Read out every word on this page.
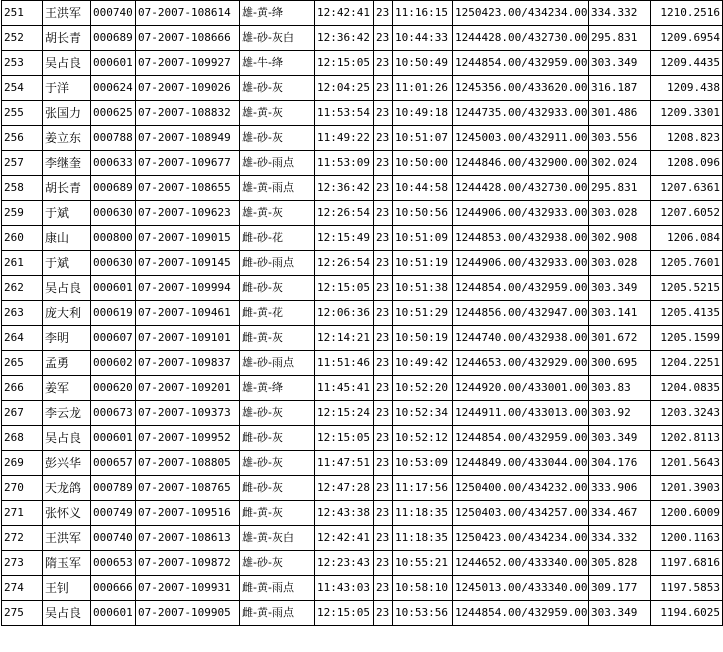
251	王洪军	000740	07-2007-108614	雄-黄-绛	12:42:41	23	11:16:15	1250423.00/434234.00	334.332	1210.2516
252	胡长青	000689	07-2007-108666	雄-砂-灰白	12:36:42	23	10:44:33	1244428.00/432730.00	295.831	1209.6954
253	吴占良	000601	07-2007-109927	雄-牛-绛	12:15:05	23	10:50:49	1244854.00/432959.00	303.349	1209.4435
254	于洋	000624	07-2007-109026	雄-砂-灰	12:04:25	23	11:01:26	1245356.00/433620.00	316.187	1209.438
255	张国力	000625	07-2007-108832	雄-黄-灰	11:53:54	23	10:49:18	1244735.00/432933.00	301.486	1209.3301
256	姜立东	000788	07-2007-108949	雄-砂-灰	11:49:22	23	10:51:07	1245003.00/432911.00	303.556	1208.823
257	李继奎	000633	07-2007-109677	雄-砂-雨点	11:53:09	23	10:50:00	1244846.00/432900.00	302.024	1208.096
258	胡长青	000689	07-2007-108655	雄-黄-雨点	12:36:42	23	10:44:58	1244428.00/432730.00	295.831	1207.6361
259	于斌	000630	07-2007-109623	雄-黄-灰	12:26:54	23	10:50:56	1244906.00/432933.00	303.028	1207.6052
260	康山	000800	07-2007-109015	雌-砂-花	12:15:49	23	10:51:09	1244853.00/432938.00	302.908	1206.084
261	于斌	000630	07-2007-109145	雌-砂-雨点	12:26:54	23	10:51:19	1244906.00/432933.00	303.028	1205.7601
262	吴占良	000601	07-2007-109994	雌-砂-灰	12:15:05	23	10:51:38	1244854.00/432959.00	303.349	1205.5215
263	庞大利	000619	07-2007-109461	雌-黄-花	12:06:36	23	10:51:29	1244856.00/432947.00	303.141	1205.4135
264	李明	000607	07-2007-109101	雌-黄-灰	12:14:21	23	10:50:19	1244740.00/432938.00	301.672	1205.1599
265	孟勇	000602	07-2007-109837	雄-砂-雨点	11:51:46	23	10:49:42	1244653.00/432929.00	300.695	1204.2251
266	姜军	000620	07-2007-109201	雄-黄-绛	11:45:41	23	10:52:20	1244920.00/433001.00	303.83	1204.0835
267	李云龙	000673	07-2007-109373	雄-砂-灰	12:15:24	23	10:52:34	1244911.00/433013.00	303.92	1203.3243
268	吴占良	000601	07-2007-109952	雌-砂-灰	12:15:05	23	10:52:12	1244854.00/432959.00	303.349	1202.8113
269	彭兴华	000657	07-2007-108805	雄-砂-灰	11:47:51	23	10:53:09	1244849.00/433044.00	304.176	1201.5643
270	天龙鸽	000789	07-2007-108765	雌-砂-灰	12:47:28	23	11:17:56	1250400.00/434232.00	333.906	1201.3903
271	张怀义	000749	07-2007-109516	雌-黄-灰	12:43:38	23	11:18:35	1250403.00/434257.00	334.467	1200.6009
272	王洪军	000740	07-2007-108613	雄-黄-灰白	12:42:41	23	11:18:35	1250423.00/434234.00	334.332	1200.1163
273	隋玉军	000653	07-2007-109872	雄-砂-灰	12:23:43	23	10:55:21	1244652.00/433340.00	305.828	1197.6816
274	王钊	000666	07-2007-109931	雌-黄-雨点	11:43:03	23	10:58:10	1245013.00/433340.00	309.177	1197.5853
275	吴占良	000601	07-2007-109905	雌-黄-雨点	12:15:05	23	10:53:56	1244854.00/432959.00	303.349	1194.6025
